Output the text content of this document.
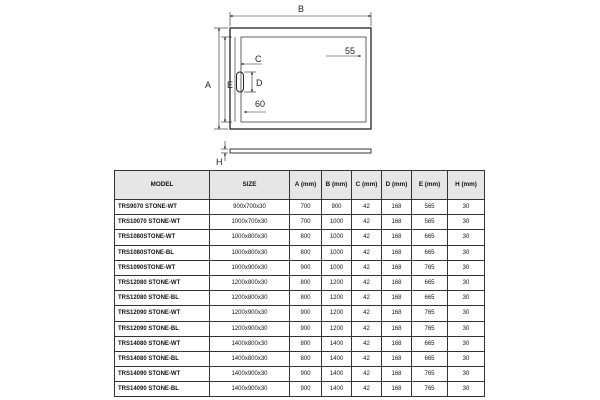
B
A E
55
C
D
60
H
MODEL	SIZE	A (mm)	B (mm)	C (mm)	D (mm)	E (mm)	H (mm)
TRS9070 STONE-WT	900x700x30	700	900	42	168	565	30
TRS10070 STONE-WT	1000x700x30	700	1000	42	168	565	30
TRS1080STONE-WT	1000x800x30	800	1000	42	168	665	30
TRS1080STONE-BL	1000x800x30	800	1000	42	168	665	30
TRS1090STONE-WT	1000x900x30	900	1000	42	168	765	30
TRS12080 STONE-WT	1200x800x30	800	1200	42	168	665	30
TRS12080 STONE-BL	1200x800x30	800	1200	42	168	665	30
TRS12090 STONE-WT	1200x900x30	900	1200	42	168	765	30
TRS12090 STONE-BL	1200x900x30	900	1200	42	168	765	30
TRS14080 STONE-WT	1400x800x30	800	1400	42	168	665	30
TRS14080 STONE-BL	1400x800x30	800	1400	42	168	665	30
TRS14090 STONE-WT	1400x900x30	900	1400	42	168	765	30
TRS14090 STONE-BL	1400x900x30	900	1400	42	168	765	30
